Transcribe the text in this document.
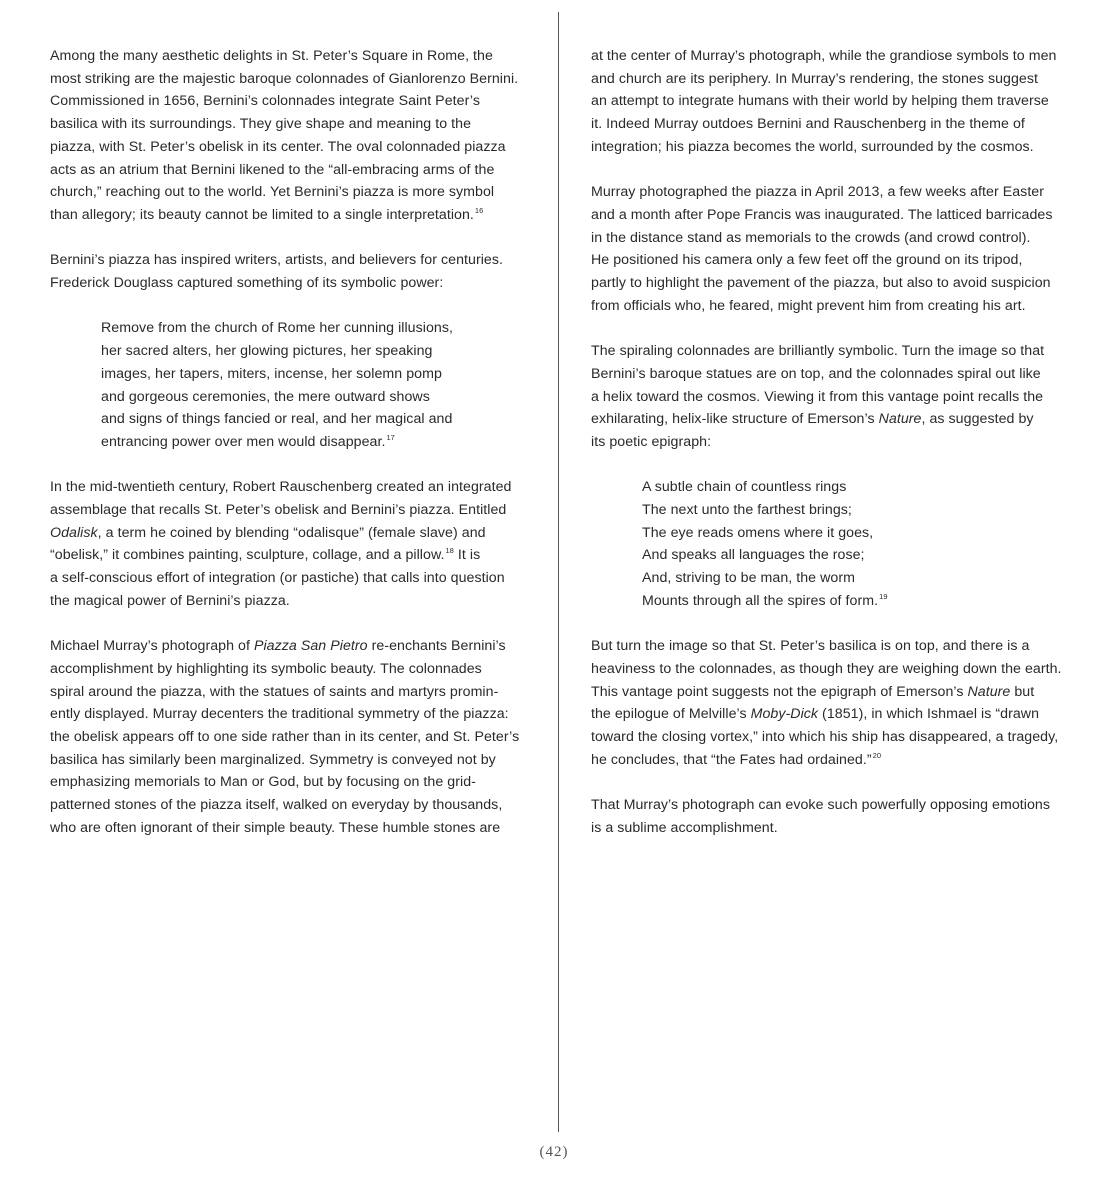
Among the many aesthetic delights in St. Peter’s Square in Rome, the
most striking are the majestic baroque colonnades of Gianlorenzo Bernini.
Commissioned in 1656, Bernini’s colonnades integrate Saint Peter’s
basilica with its surroundings. They give shape and meaning to the
piazza, with St. Peter’s obelisk in its center. The oval colonnaded piazza
acts as an atrium that Bernini likened to the “all-embracing arms of the
church,” reaching out to the world. Yet Bernini’s piazza is more symbol
than allegory; its beauty cannot be limited to a single interpretation.$^{16}$
Bernini’s piazza has inspired writers, artists, and believers for centuries.
Frederick Douglass captured something of its symbolic power:
Remove from the church of Rome her cunning illusions,
her sacred alters, her glowing pictures, her speaking
images, her tapers, miters, incense, her solemn pomp
and gorgeous ceremonies, the mere outward shows
and signs of things fancied or real, and her magical and
entrancing power over men would disappear.$^{17}$
In the mid-twentieth century, Robert Rauschenberg created an integrated
assemblage that recalls St. Peter’s obelisk and Bernini’s piazza. Entitled
Odalisk, a term he coined by blending “odalisque” (female slave) and
“obelisk,” it combines painting, sculpture, collage, and a pillow.$^{18}$ It is
a self-conscious effort of integration (or pastiche) that calls into question
the magical power of Bernini’s piazza.
Michael Murray’s photograph of Piazza San Pietro re-enchants Bernini’s
accomplishment by highlighting its symbolic beauty. The colonnades
spiral around the piazza, with the statues of saints and martyrs promin-
ently displayed. Murray decenters the traditional symmetry of the piazza:
the obelisk appears off to one side rather than in its center, and St. Peter’s
basilica has similarly been marginalized. Symmetry is conveyed not by
emphasizing memorials to Man or God, but by focusing on the grid-
patterned stones of the piazza itself, walked on everyday by thousands,
who are often ignorant of their simple beauty. These humble stones are
at the center of Murray’s photograph, while the grandiose symbols to men
and church are its periphery. In Murray’s rendering, the stones suggest
an attempt to integrate humans with their world by helping them traverse
it. Indeed Murray outdoes Bernini and Rauschenberg in the theme of
integration; his piazza becomes the world, surrounded by the cosmos.
Murray photographed the piazza in April 2013, a few weeks after Easter
and a month after Pope Francis was inaugurated. The latticed barricades
in the distance stand as memorials to the crowds (and crowd control).
He positioned his camera only a few feet off the ground on its tripod,
partly to highlight the pavement of the piazza, but also to avoid suspicion
from officials who, he feared, might prevent him from creating his art.
The spiraling colonnades are brilliantly symbolic. Turn the image so that
Bernini’s baroque statues are on top, and the colonnades spiral out like
a helix toward the cosmos. Viewing it from this vantage point recalls the
exhilarating, helix-like structure of Emerson’s Nature, as suggested by
its poetic epigraph:
A subtle chain of countless rings
The next unto the farthest brings;
The eye reads omens where it goes,
And speaks all languages the rose;
And, striving to be man, the worm
Mounts through all the spires of form.$^{19}$
But turn the image so that St. Peter’s basilica is on top, and there is a
heaviness to the colonnades, as though they are weighing down the earth.
This vantage point suggests not the epigraph of Emerson’s Nature but
the epilogue of Melville’s Moby-Dick (1851), in which Ishmael is “drawn
toward the closing vortex,” into which his ship has disappeared, a tragedy,
he concludes, that “the Fates had ordained.”$^{20}$
That Murray’s photograph can evoke such powerfully opposing emotions
is a sublime accomplishment.
(42)
